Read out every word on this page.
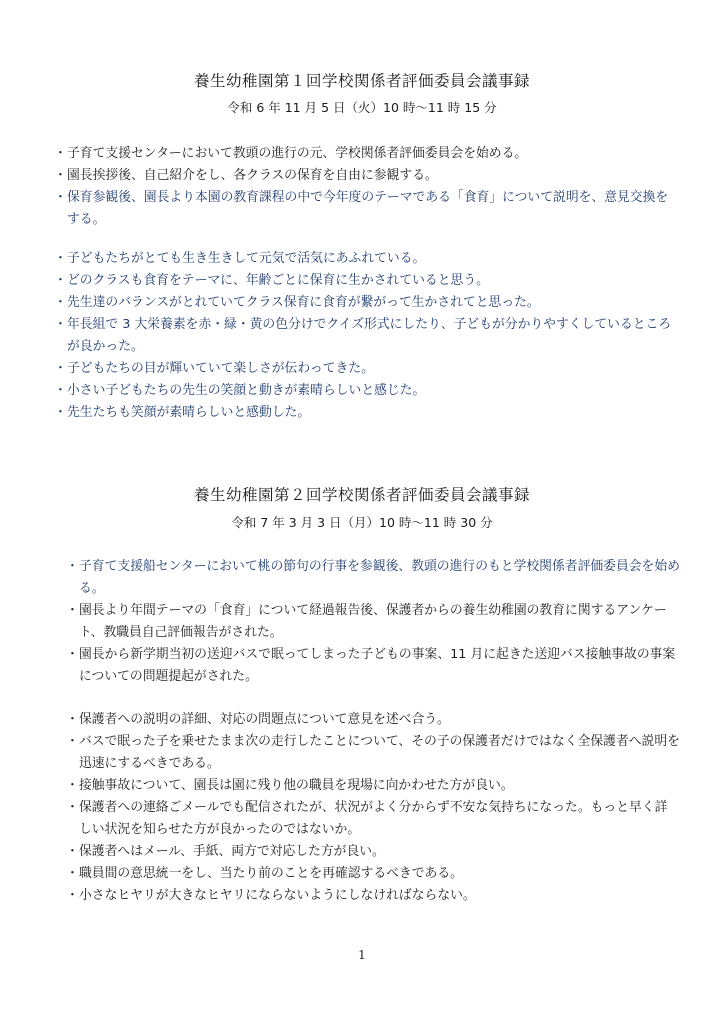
養生幼稚園第１回学校関係者評価委員会議事録
令和 6 年 11 月 5 日（火）10 時～11 時 15 分
・ 子育て支援センターにおいて教頭の進行の元、学校関係者評価委員会を始める。
・ 園長挨拶後、自己紹介をし、各クラスの保育を自由に参観する。
・ 保育参観後、園長より本園の教育課程の中で今年度のテーマである「食育」について説明を、意見交換をする。
・ 子どもたちがとても生き生きして元気で活気にあふれている。
・ どのクラスも食育をテーマに、年齢ごとに保育に生かされていると思う。
・ 先生達のバランスがとれていてクラス保育に食育が繋がって生かされてと思った。
・ 年長組で 3 大栄養素を赤・緑・黄の色分けでクイズ形式にしたり、子どもが分かりやすくしているところが良かった。
・ 子どもたちの目が輝いていて楽しさが伝わってきた。
・ 小さい子どもたちの先生の笑顔と動きが素晴らしいと感じた。
・ 先生たちも笑顔が素晴らしいと感動した。
養生幼稚園第２回学校関係者評価委員会議事録
令和 7 年 3 月 3 日（月）10 時～11 時 30 分
・ 子育て支援船センターにおいて桃の節句の行事を参観後、教頭の進行のもと学校関係者評価委員会を始める。
・ 園長より年間テーマの「食育」について経過報告後、保護者からの養生幼稚園の教育に関するアンケート、教職員自己評価報告がされた。
・ 園長から新学期当初の送迎バスで眠ってしまった子どもの事案、11 月に起きた送迎バス接触事故の事案についての問題提起がされた。
・ 保護者への説明の詳細、対応の問題点について意見を述べ合う。
・ バスで眠った子を乗せたまま次の走行したことについて、その子の保護者だけではなく全保護者へ説明を迅速にするべきである。
・ 接触事故について、園長は園に残り他の職員を現場に向かわせた方が良い。
・ 保護者への連絡ごメールでも配信されたが、状況がよく分からず不安な気持ちになった。もっと早く詳しい状況を知らせた方が良かったのではないか。
・ 保護者へはメール、手紙、両方で対応した方が良い。
・ 職員間の意思統一をし、当たり前のことを再確認するべきである。
・ 小さなヒヤリが大きなヒヤリにならないようにしなければならない。
1
